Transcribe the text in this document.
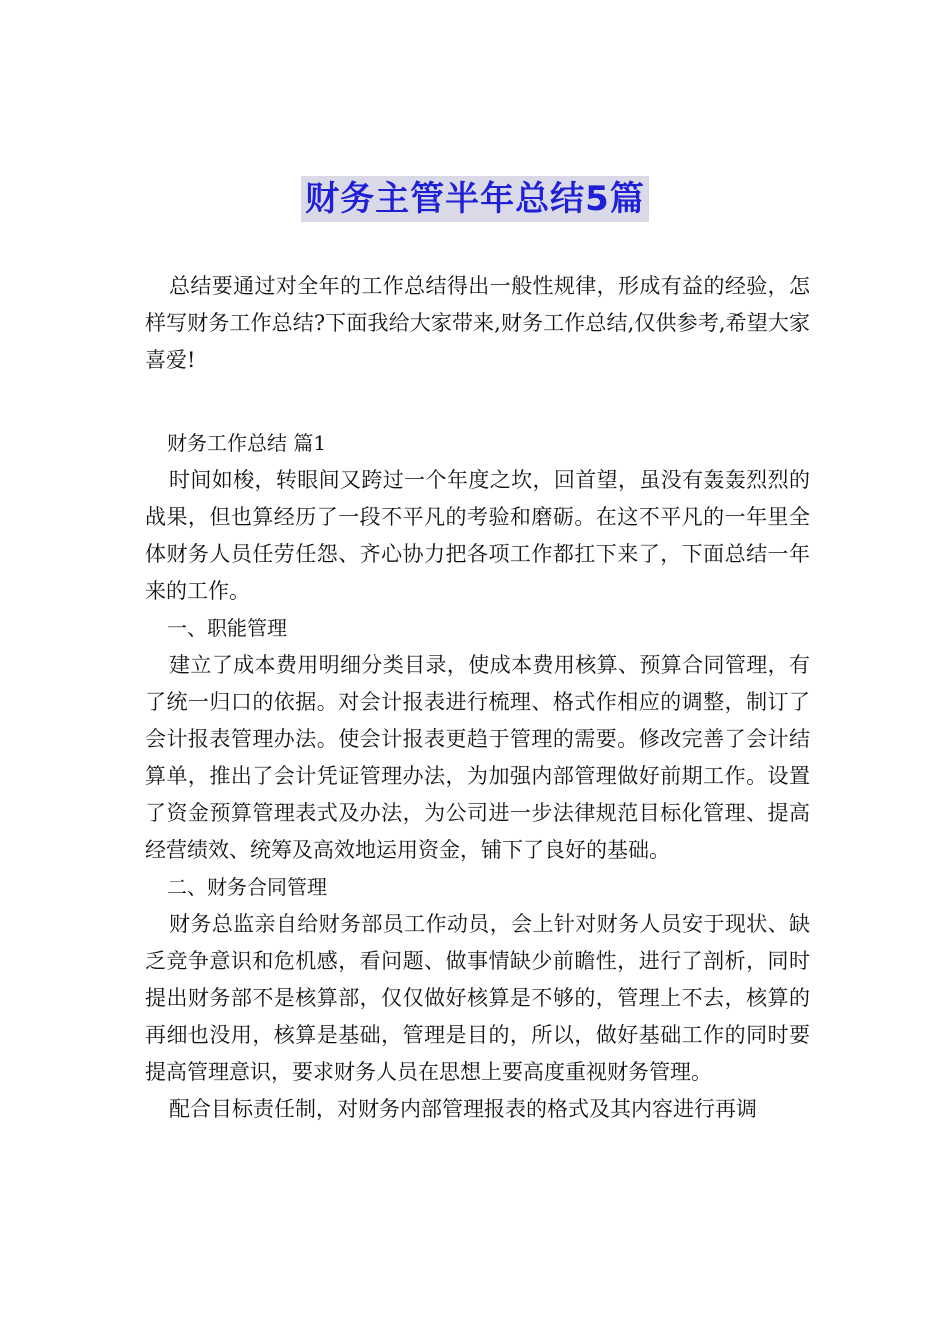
财务主管半年总结5篇

总结要通过对全年的工作总结得出一般性规律，形成有益的经验，怎样写财务工作总结?下面我给大家带来,财务工作总结,仅供参考,希望大家喜爱!

财务工作总结 篇1

时间如梭，转眼间又跨过一个年度之坎，回首望，虽没有轰轰烈烈的战果，但也算经历了一段不平凡的考验和磨砺。在这不平凡的一年里全体财务人员任劳任怨、齐心协力把各项工作都扛下来了，下面总结一年来的工作。

一、职能管理

建立了成本费用明细分类目录，使成本费用核算、预算合同管理，有了统一归口的依据。对会计报表进行梳理、格式作相应的调整，制订了会计报表管理办法。使会计报表更趋于管理的需要。修改完善了会计结算单，推出了会计凭证管理办法，为加强内部管理做好前期工作。设置了资金预算管理表式及办法，为公司进一步法律规范目标化管理、提高经营绩效、统筹及高效地运用资金，铺下了良好的基础。

二、财务合同管理

财务总监亲自给财务部员工作动员，会上针对财务人员安于现状、缺乏竞争意识和危机感，看问题、做事情缺少前瞻性，进行了剖析，同时提出财务部不是核算部，仅仅做好核算是不够的，管理上不去，核算的再细也没用，核算是基础，管理是目的，所以，做好基础工作的同时要提高管理意识，要求财务人员在思想上要高度重视财务管理。

配合目标责任制，对财务内部管理报表的格式及其内容进行再调
